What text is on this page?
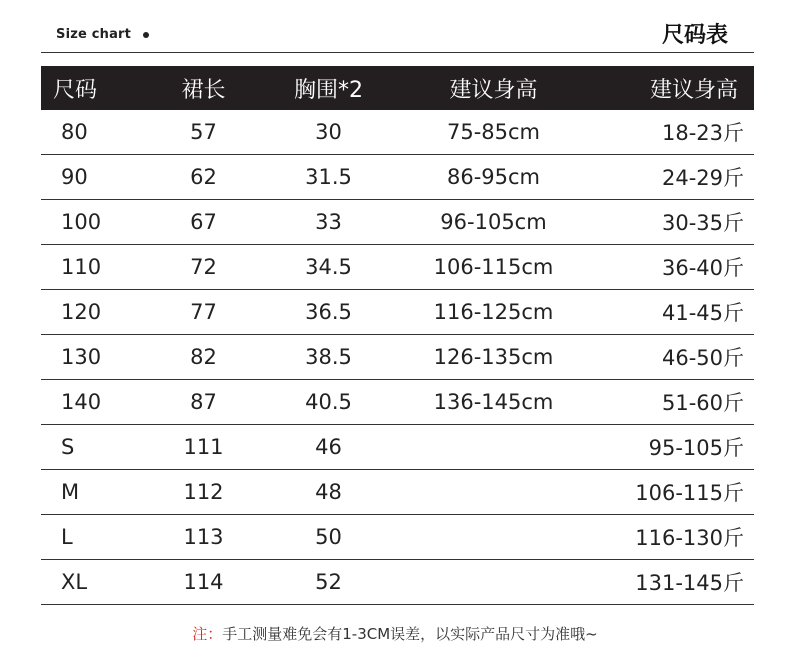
Size chart	尺码表
尺码	裙长	胸围*2	建议身高	建议身高
80	57	30	75-85cm	18-23斤
90	62	31.5	86-95cm	24-29斤
100	67	33	96-105cm	30-35斤
110	72	34.5	106-115cm	36-40斤
120	77	36.5	116-125cm	41-45斤
130	82	38.5	126-135cm	46-50斤
140	87	40.5	136-145cm	51-60斤
S	111	46		95-105斤
M	112	48		106-115斤
L	113	50		116-130斤
XL	114	52		131-145斤
注：手工测量难免会有1-3CM误差，以实际产品尺寸为准哦~
